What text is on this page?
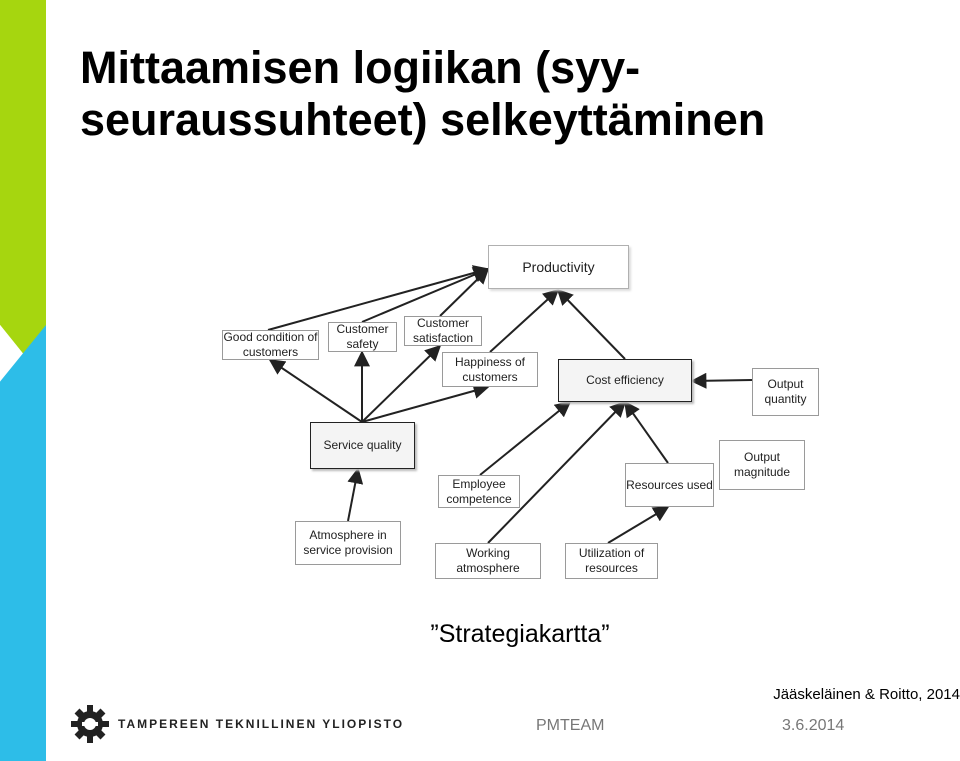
Mittaamisen logiikan (syy-seuraussuhteet) selkeyttäminen
Productivity
Good condition of customers
Customer safety
Customer satisfaction
Happiness of customers	Cost efficiency	Output quantity
Service quality
Employee competence
Resources used
Output magnitude
Atmosphere in service provision	Working atmosphere
Utilization of resources
”Strategiakartta”
Jääskeläinen & Roitto, 2014
TAMPEREEN TEKNILLINEN YLIOPISTO	PMTEAM	3.6.2014
